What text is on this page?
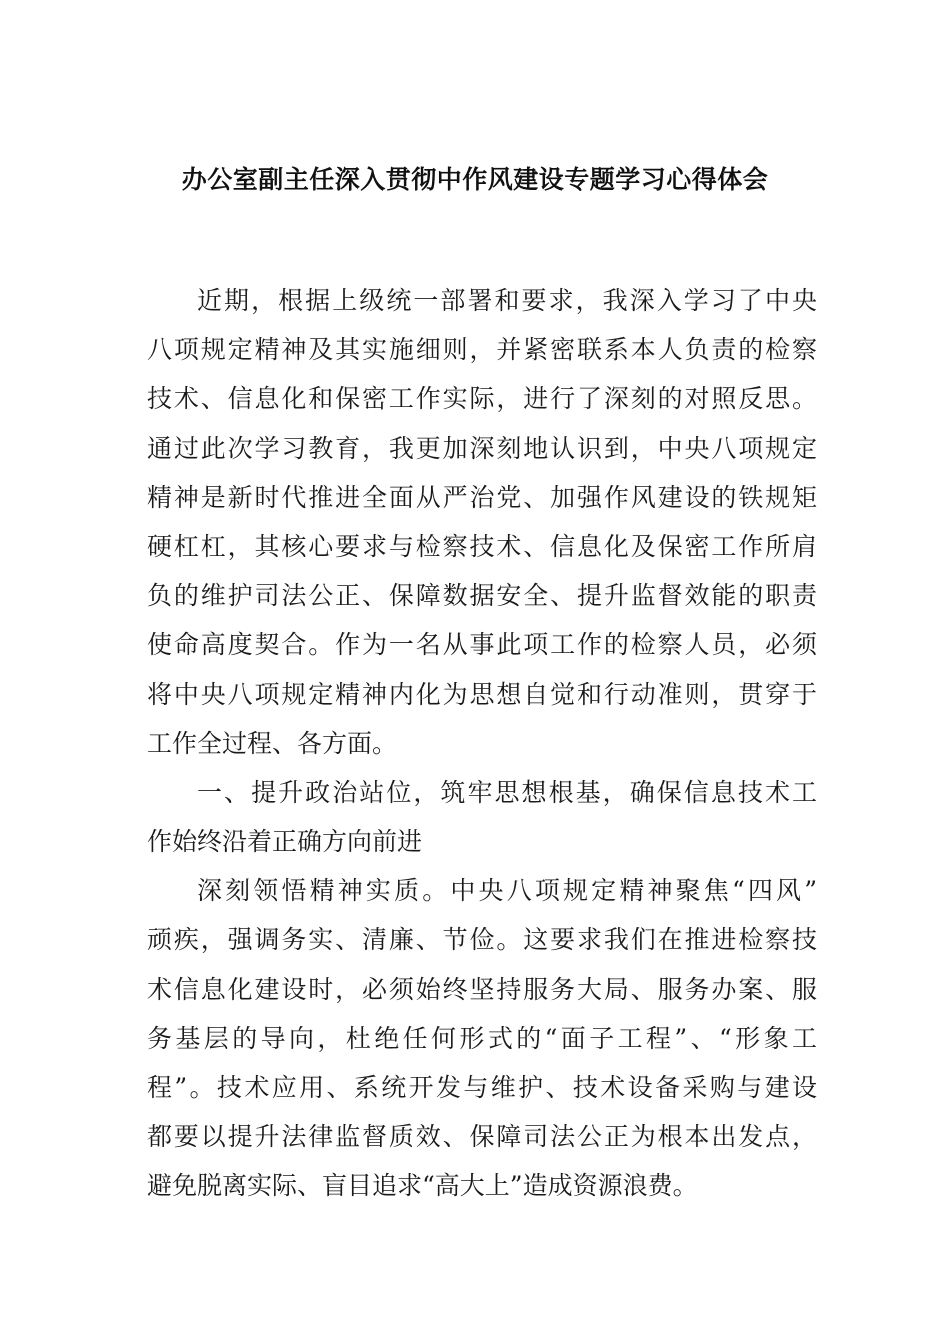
办公室副主任深入贯彻中作风建设专题学习心得体会
近期，根据上级统一部署和要求，我深入学习了中央
八项规定精神及其实施细则，并紧密联系本人负责的检察
技术、信息化和保密工作实际，进行了深刻的对照反思。
通过此次学习教育，我更加深刻地认识到，中央八项规定
精神是新时代推进全面从严治党、加强作风建设的铁规矩
硬杠杠，其核心要求与检察技术、信息化及保密工作所肩
负的维护司法公正、保障数据安全、提升监督效能的职责
使命高度契合。作为一名从事此项工作的检察人员，必须
将中央八项规定精神内化为思想自觉和行动准则，贯穿于
工作全过程、各方面。
一、提升政治站位，筑牢思想根基，确保信息技术工
作始终沿着正确方向前进
深刻领悟精神实质。中央八项规定精神聚焦“四风”
顽疾，强调务实、清廉、节俭。这要求我们在推进检察技
术信息化建设时，必须始终坚持服务大局、服务办案、服
务基层的导向，杜绝任何形式的“面子工程”、“形象工
程”。技术应用、系统开发与维护、技术设备采购与建设
都要以提升法律监督质效、保障司法公正为根本出发点，
避免脱离实际、盲目追求“高大上”造成资源浪费。
